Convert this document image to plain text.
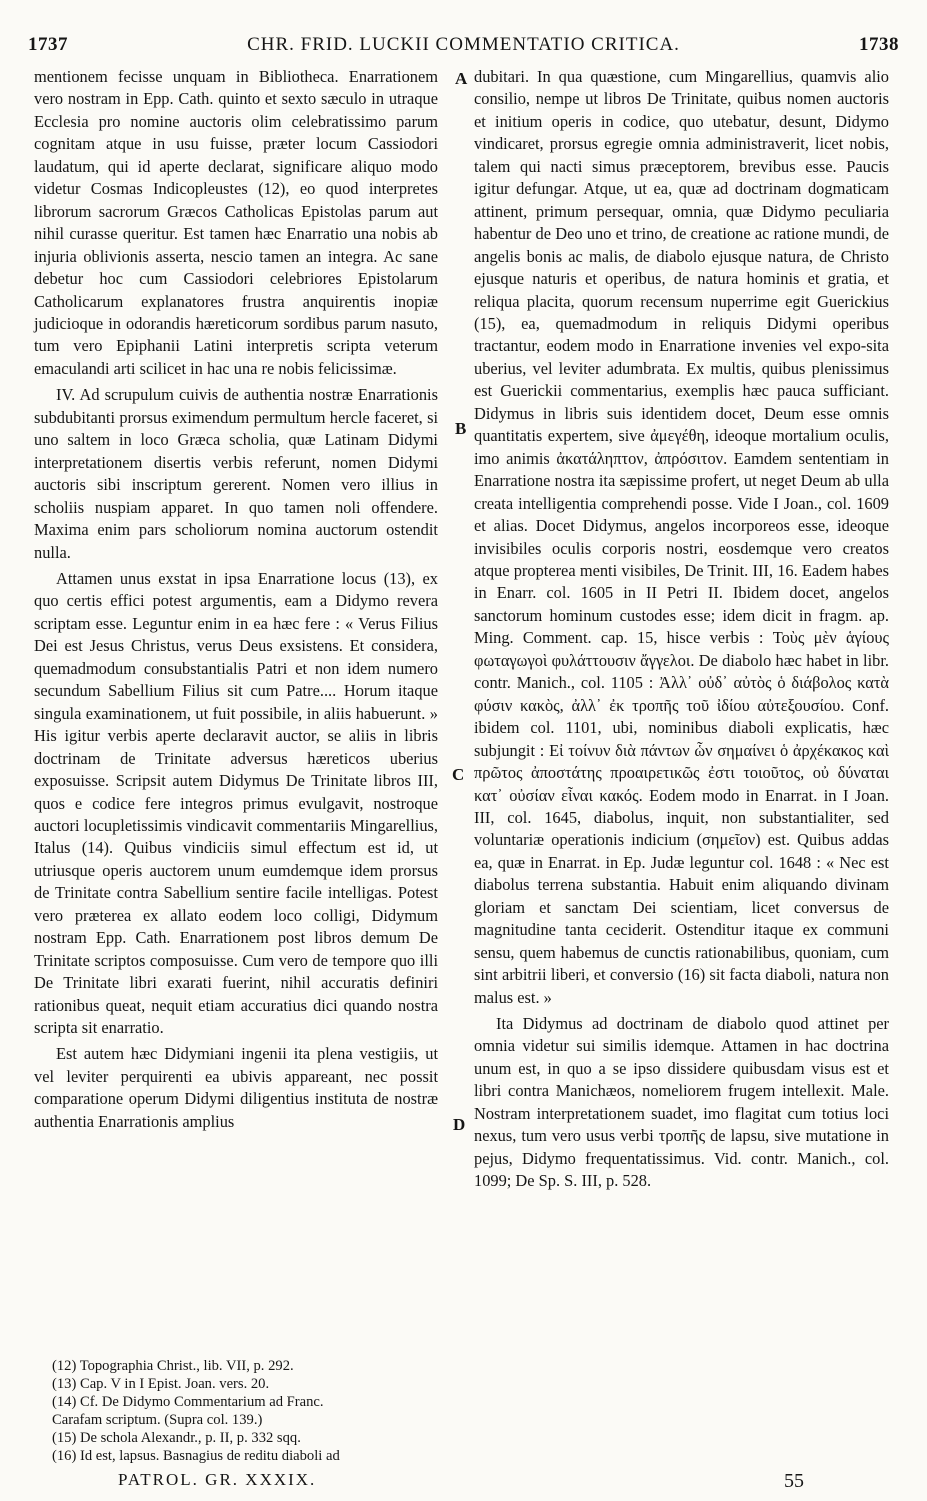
1737	CHR. FRID. LUCKII COMMENTATIO CRITICA.	1738
A
B
C
D

mentionem fecisse unquam in Bibliotheca. Enarrationem vero nostram in Epp. Cath. quinto et sexto sæculo in utraque Ecclesia pro nomine auctoris olim celebratissimo parum cognitam atque in usu fuisse, præter locum Cassiodori laudatum, qui id aperte declarat, significare aliquo modo videtur Cosmas Indicopleustes (12), eo quod interpretes librorum sacrorum Græcos Catholicas Epistolas parum aut nihil curasse queritur. Est tamen hæc Enarratio una nobis ab injuria oblivionis asserta, nescio tamen an integra. Ac sane debetur hoc cum Cassiodori celebriores Epistolarum Catholicarum explanatores frustra anquirentis inopiæ judicioque in odorandis hæreticorum sordibus parum nasuto, tum vero Epiphanii Latini interpretis scripta veterum emaculandi arti scilicet in hac una re nobis felicissimæ.

IV. Ad scrupulum cuivis de authentia nostræ Enarrationis subdubitanti prorsus eximendum permultum hercle faceret, si uno saltem in loco Græca scholia, quæ Latinam Didymi interpretationem disertis verbis referunt, nomen Didymi auctoris sibi inscriptum gererent. Nomen vero illius in scholiis nuspiam apparet. In quo tamen noli offendere. Maxima enim pars scholiorum nomina auctorum ostendit nulla.

Attamen unus exstat in ipsa Enarratione locus (13), ex quo certis effici potest argumentis, eam a Didymo revera scriptam esse. Leguntur enim in ea hæc fere : « Verus Filius Dei est Jesus Christus, verus Deus exsistens. Et considera, quemadmodum consubstantialis Patri et non idem numero secundum Sabellium Filius sit cum Patre.... Horum itaque singula examinationem, ut fuit possibile, in aliis habuerunt. » His igitur verbis aperte declaravit auctor, se aliis in libris doctrinam de Trinitate adversus hæreticos uberius exposuisse. Scripsit autem Didymus De Trinitate libros III, quos e codice fere integros primus evulgavit, nostroque auctori locupletissimis vindicavit commentariis Mingarellius, Italus (14). Quibus vindiciis simul effectum est id, ut utriusque operis auctorem unum eumdemque idem prorsus de Trinitate contra Sabellium sentire facile intelligas. Potest vero præterea ex allato eodem loco colligi, Didymum nostram Epp. Cath. Enarrationem post libros demum De Trinitate scriptos composuisse. Cum vero de tempore quo illi De Trinitate libri exarati fuerint, nihil accuratis definiri rationibus queat, nequit etiam accuratius dici quando nostra scripta sit enarratio.

Est autem hæc Didymiani ingenii ita plena vestigiis, ut vel leviter perquirenti ea ubivis appareant, nec possit comparatione operum Didymi diligentius instituta de nostræ authentia Enarrationis amplius

dubitari. In qua quæstione, cum Mingarellius, quamvis alio consilio, nempe ut libros De Trinitate, quibus nomen auctoris et initium operis in codice, quo utebatur, desunt, Didymo vindicaret, prorsus egregie omnia administraverit, licet nobis, talem qui nacti simus præceptorem, brevibus esse. Paucis igitur defungar. Atque, ut ea, quæ ad doctrinam dogmaticam attinent, primum persequar, omnia, quæ Didymo peculiaria habentur de Deo uno et trino, de creatione ac ratione mundi, de angelis bonis ac malis, de diabolo ejusque natura, de Christo ejusque naturis et operibus, de natura hominis et gratia, et reliqua placita, quorum recensum nuperrime egit Guerickius (15), ea, quemadmodum in reliquis Didymi operibus tractantur, eodem modo in Enarratione invenies vel expo-sita uberius, vel leviter adumbrata. Ex multis, quibus plenissimus est Guerickii commentarius, exemplis hæc pauca sufficiant. Didymus in libris suis identidem docet, Deum esse omnis quantitatis expertem, sive ἀμεγέθη, ideoque mortalium oculis, imo animis ἀκατάληπτον, ἀπρόσιτον. Eamdem sententiam in Enarratione nostra ita sæpissime profert, ut neget Deum ab ulla creata intelligentia comprehendi posse. Vide I Joan., col. 1609 et alias. Docet Didymus, angelos incorporeos esse, ideoque invisibiles oculis corporis nostri, eosdemque vero creatos atque propterea menti visibiles, De Trinit. III, 16. Eadem habes in Enarr. col. 1605 in II Petri II. Ibidem docet, angelos sanctorum hominum custodes esse; idem dicit in fragm. ap. Ming. Comment. cap. 15, hisce verbis : Τοὺς μὲν ἁγίους φωταγωγοὶ φυλάττουσιν ἄγγελοι. De diabolo hæc habet in libr. contr. Manich., col. 1105 : Ἀλλ᾽ οὐδ᾽ αὐτὸς ὁ διάβολος κατὰ φύσιν κακὸς, ἀλλ᾽ ἐκ τροπῆς τοῦ ἰδίου αὐτεξουσίου. Conf. ibidem col. 1101, ubi, nominibus diaboli explicatis, hæc subjungit : Εἰ τοίνυν διὰ πάντων ὧν σημαίνει ὁ ἀρχέκακος καὶ πρῶτος ἀποστάτης προαιρετικῶς ἐστι τοιοῦτος, οὐ δύναται κατ᾽ οὐσίαν εἶναι κακός. Eodem modo in Enarrat. in I Joan. III, col. 1645, diabolus, inquit, non substantialiter, sed voluntariæ operationis indicium (σημεῖον) est. Quibus addas ea, quæ in Enarrat. in Ep. Judæ leguntur col. 1648 : « Nec est diabolus terrena substantia. Habuit enim aliquando divinam gloriam et sanctam Dei scientiam, licet conversus de magnitudine tanta ceciderit. Ostenditur itaque ex communi sensu, quem habemus de cunctis rationabilibus, quoniam, cum sint arbitrii liberi, et conversio (16) sit facta diaboli, natura non malus est. »

Ita Didymus ad doctrinam de diabolo quod attinet per omnia videtur sui similis idemque. Attamen in hac doctrina unum est, in quo a se ipso dissidere quibusdam visus est et libri contra Manichæos, nomeliorem frugem intellexit. Male. Nostram interpretationem suadet, imo flagitat cum totius loci nexus, tum vero usus verbi τροπῆς de lapsu, sive mutatione in pejus, Didymo frequentatissimus. Vid. contr. Manich., col. 1099; De Sp. S. III, p. 528.

(12) Topographia Christ., lib. VII, p. 292.
(13) Cap. V in I Epist. Joan. vers. 20.
(14) Cf. De Didymo Commentarium ad Franc.
Carafam scriptum. (Supra col. 139.)
(15) De schola Alexandr., p. II, p. 332 sqq.
(16) Id est, lapsus. Basnagius de reditu diaboli ad
PATROL. GR. XXXIX.	55
